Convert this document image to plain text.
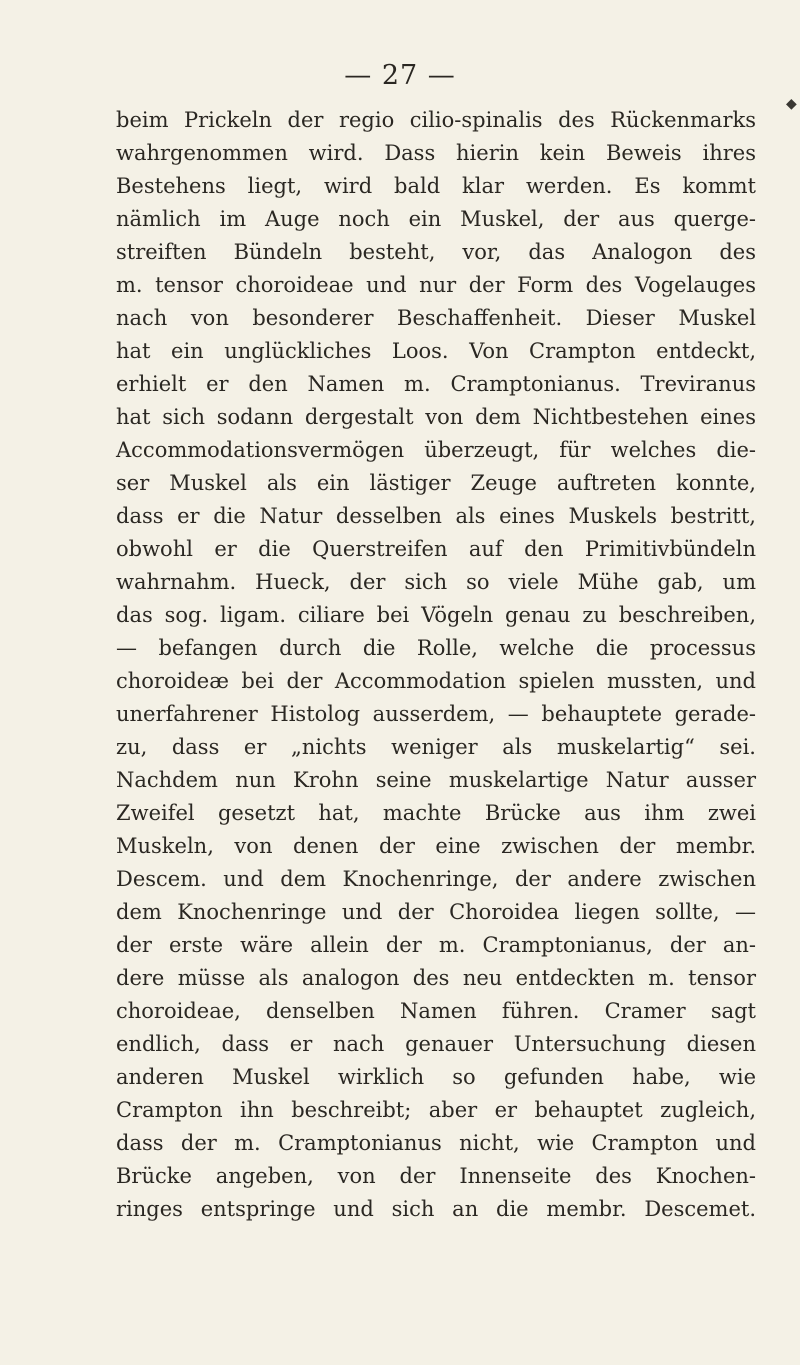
— 27 —
◆
beim Prickeln der regio cilio-spinalis des Rückenmarks
wahrgenommen wird. Dass hierin kein Beweis ihres
Bestehens liegt, wird bald klar werden. Es kommt
nämlich im Auge noch ein Muskel, der aus querge-
streiften Bündeln besteht, vor, das Analogon des
m. tensor choroideae und nur der Form des Vogelauges
nach von besonderer Beschaffenheit. Dieser Muskel
hat ein unglückliches Loos. Von Crampton entdeckt,
erhielt er den Namen m. Cramptonianus. Treviranus
hat sich sodann dergestalt von dem Nichtbestehen eines
Accommodationsvermögen überzeugt, für welches die-
ser Muskel als ein lästiger Zeuge auftreten konnte,
dass er die Natur desselben als eines Muskels bestritt,
obwohl er die Querstreifen auf den Primitivbündeln
wahrnahm. Hueck, der sich so viele Mühe gab, um
das sog. ligam. ciliare bei Vögeln genau zu beschreiben,
— befangen durch die Rolle, welche die processus
choroideæ bei der Accommodation spielen mussten, und
unerfahrener Histolog ausserdem, — behauptete gerade-
zu, dass er „nichts weniger als muskelartig“ sei.
Nachdem nun Krohn seine muskelartige Natur ausser
Zweifel gesetzt hat, machte Brücke aus ihm zwei
Muskeln, von denen der eine zwischen der membr.
Descem. und dem Knochenringe, der andere zwischen
dem Knochenringe und der Choroidea liegen sollte, —
der erste wäre allein der m. Cramptonianus, der an-
dere müsse als analogon des neu entdeckten m. tensor
choroideae, denselben Namen führen. Cramer sagt
endlich, dass er nach genauer Untersuchung diesen
anderen Muskel wirklich so gefunden habe, wie
Crampton ihn beschreibt; aber er behauptet zugleich,
dass der m. Cramptonianus nicht, wie Crampton und
Brücke angeben, von der Innenseite des Knochen-
ringes entspringe und sich an die membr. Descemet.
